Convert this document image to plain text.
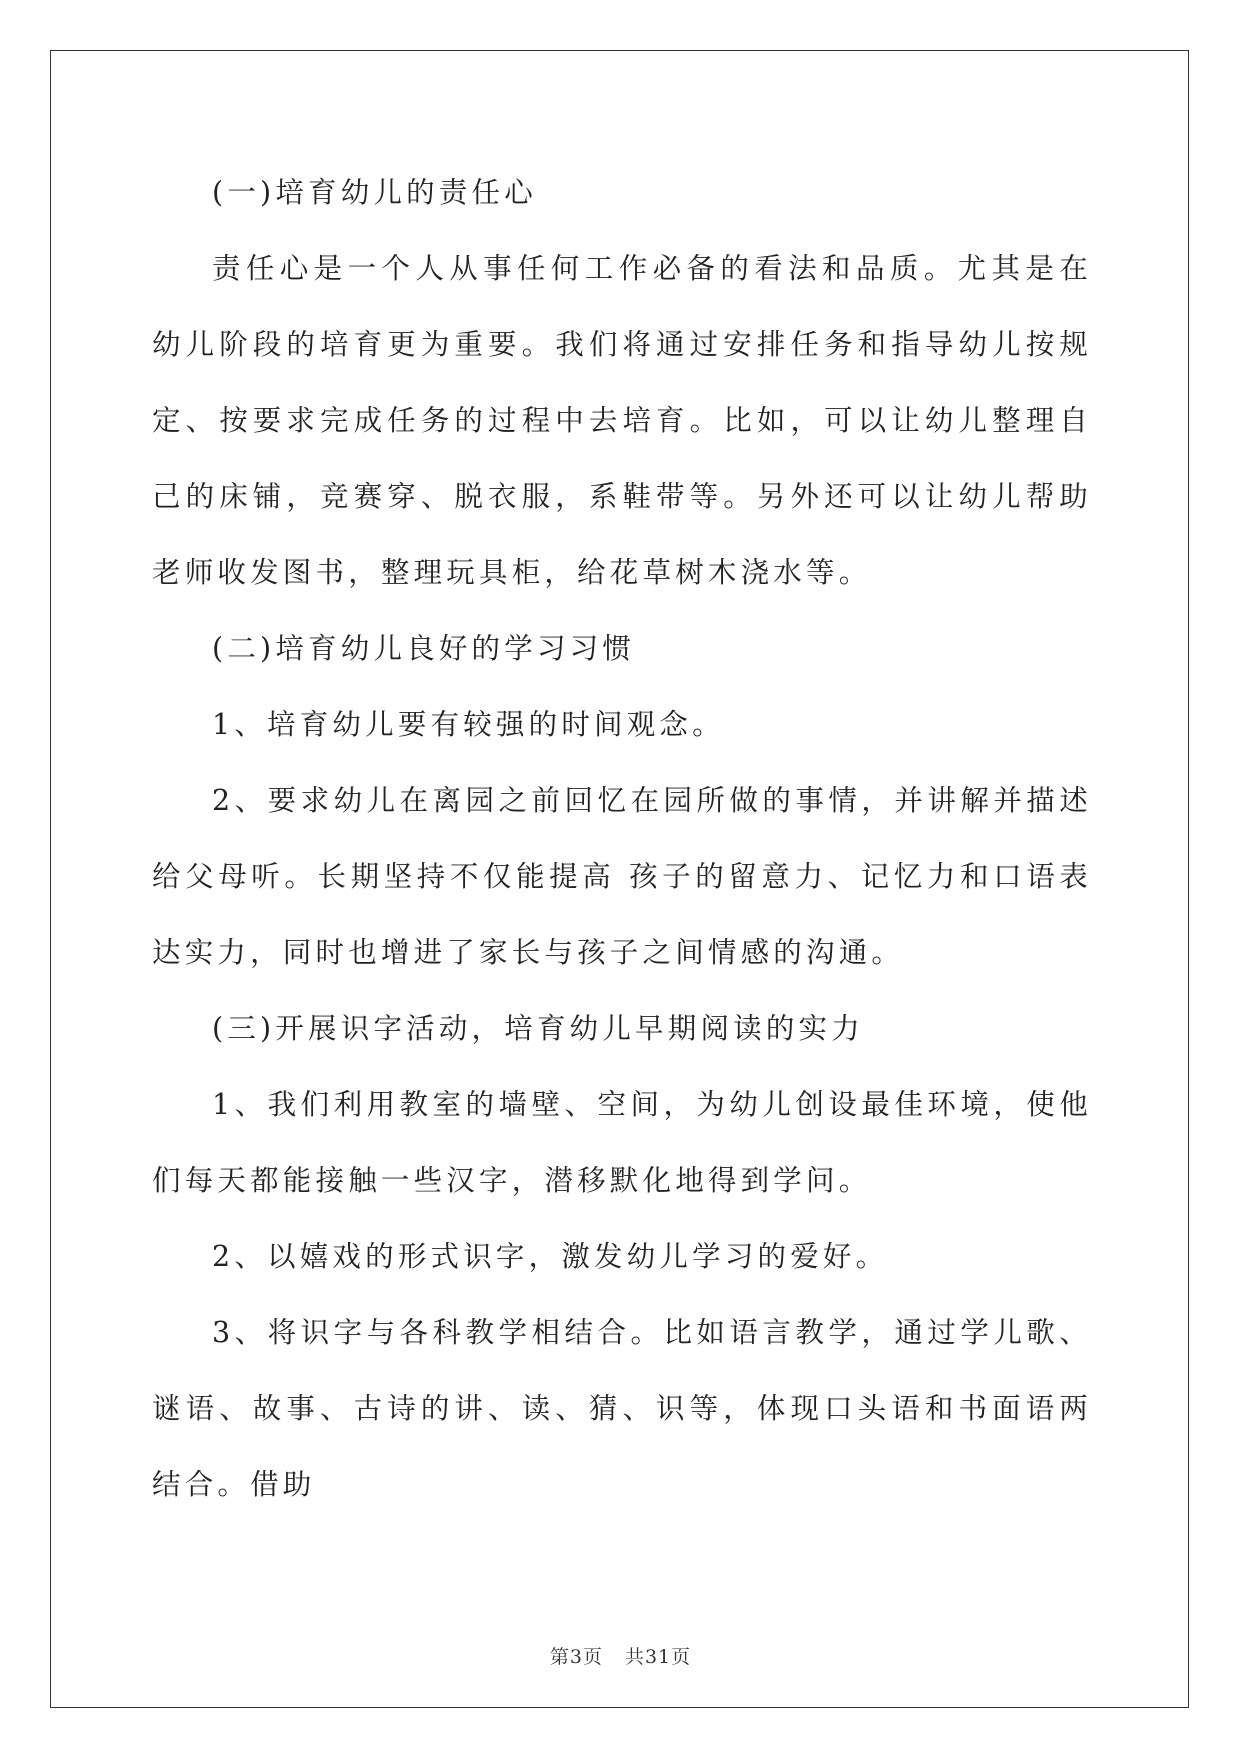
(一)培育幼儿的责任心

责任心是一个人从事任何工作必备的看法和品质。尤其是在幼儿阶段的培育更为重要。我们将通过安排任务和指导幼儿按规定、按要求完成任务的过程中去培育。比如，可以让幼儿整理自己的床铺，竞赛穿、脱衣服，系鞋带等。另外还可以让幼儿帮助老师收发图书，整理玩具柜，给花草树木浇水等。

(二)培育幼儿良好的学习习惯

1、培育幼儿要有较强的时间观念。

2、要求幼儿在离园之前回忆在园所做的事情，并讲解并描述给父母听。长期坚持不仅能提高 孩子的留意力、记忆力和口语表达实力，同时也增进了家长与孩子之间情感的沟通。

(三)开展识字活动，培育幼儿早期阅读的实力

1、我们利用教室的墙壁、空间，为幼儿创设最佳环境，使他们每天都能接触一些汉字，潜移默化地得到学问。

2、以嬉戏的形式识字，激发幼儿学习的爱好。

3、将识字与各科教学相结合。比如语言教学，通过学儿歌、谜语、故事、古诗的讲、读、猜、识等，体现口头语和书面语两结合。借助

第3页 共31页
